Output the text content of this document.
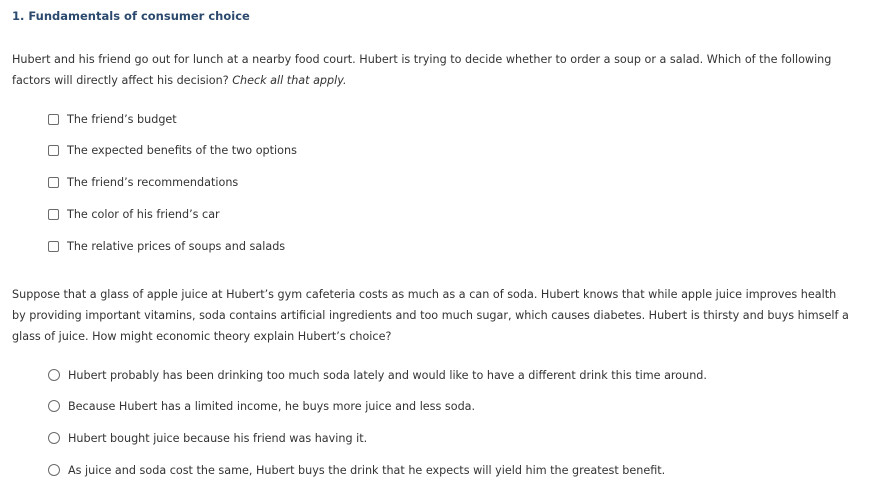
1. Fundamentals of consumer choice
Hubert and his friend go out for lunch at a nearby food court. Hubert is trying to decide whether to order a soup or a salad. Which of the following factors will directly affect his decision? Check all that apply.
The friend’s budget
The expected benefits of the two options
The friend’s recommendations
The color of his friend’s car
The relative prices of soups and salads
Suppose that a glass of apple juice at Hubert’s gym cafeteria costs as much as a can of soda. Hubert knows that while apple juice improves health by providing important vitamins, soda contains artificial ingredients and too much sugar, which causes diabetes. Hubert is thirsty and buys himself a glass of juice. How might economic theory explain Hubert’s choice?
Hubert probably has been drinking too much soda lately and would like to have a different drink this time around.
Because Hubert has a limited income, he buys more juice and less soda.
Hubert bought juice because his friend was having it.
As juice and soda cost the same, Hubert buys the drink that he expects will yield him the greatest benefit.
